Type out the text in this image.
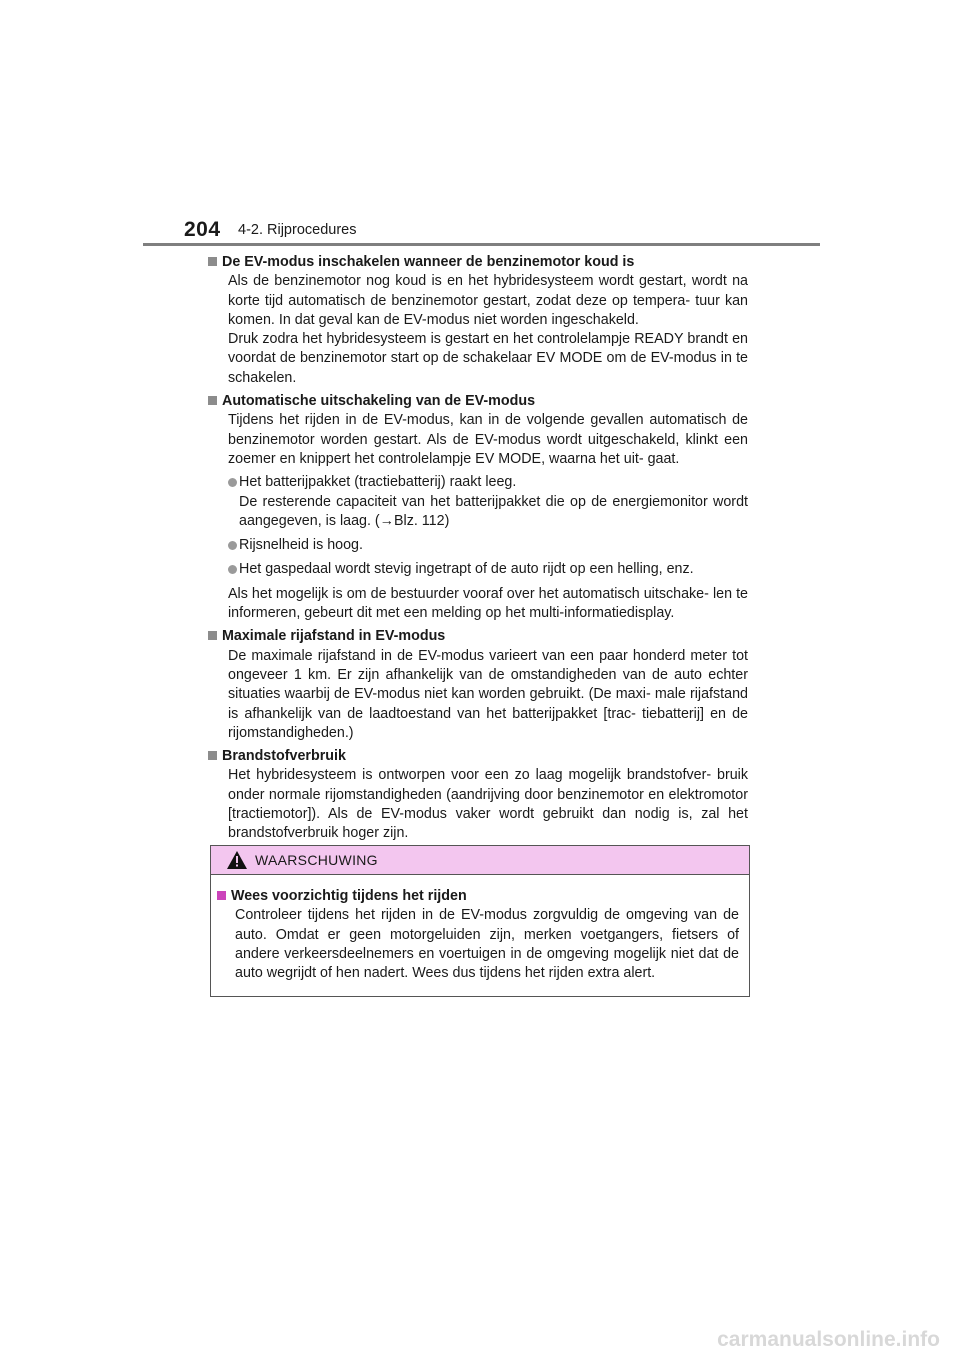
204 4-2. Rijprocedures
De EV-modus inschakelen wanneer de benzinemotor koud is

Als de benzinemotor nog koud is en het hybridesysteem wordt gestart, wordt na korte tijd automatisch de benzinemotor gestart, zodat deze op tempera- tuur kan komen. In dat geval kan de EV-modus niet worden ingeschakeld.

Druk zodra het hybridesysteem is gestart en het controlelampje READY brandt en voordat de benzinemotor start op de schakelaar EV MODE om de EV-modus in te schakelen.

Automatische uitschakeling van de EV-modus

Tijdens het rijden in de EV-modus, kan in de volgende gevallen automatisch de benzinemotor worden gestart. Als de EV-modus wordt uitgeschakeld, klinkt een zoemer en knippert het controlelampje EV MODE, waarna het uit- gaat.

Het batterijpakket (tractiebatterij) raakt leeg.

De resterende capaciteit van het batterijpakket die op de energiemonitor wordt aangegeven, is laag. (→Blz. 112)

Rijsnelheid is hoog.

Het gaspedaal wordt stevig ingetrapt of de auto rijdt op een helling, enz.

Als het mogelijk is om de bestuurder vooraf over het automatisch uitschake- len te informeren, gebeurt dit met een melding op het multi-informatiedisplay.
Maximale rijafstand in EV-modus

De maximale rijafstand in de EV-modus varieert van een paar honderd meter tot ongeveer 1 km. Er zijn afhankelijk van de omstandigheden van de auto echter situaties waarbij de EV-modus niet kan worden gebruikt. (De maxi- male rijafstand is afhankelijk van de laadtoestand van het batterijpakket [trac- tiebatterij] en de rijomstandigheden.)

Brandstofverbruik

Het hybridesysteem is ontworpen voor een zo laag mogelijk brandstofver- bruik onder normale rijomstandigheden (aandrijving door benzinemotor en elektromotor [tractiemotor]). Als de EV-modus vaker wordt gebruikt dan nodig is, zal het brandstofverbruik hoger zijn.

WAARSCHUWING
Wees voorzichtig tijdens het rijden
Controleer tijdens het rijden in de EV-modus zorgvuldig de omgeving van de auto. Omdat er geen motorgeluiden zijn, merken voetgangers, fietsers of andere verkeersdeelnemers en voertuigen in de omgeving mogelijk niet dat de auto wegrijdt of hen nadert. Wees dus tijdens het rijden extra alert.
carmanualsonline.info
